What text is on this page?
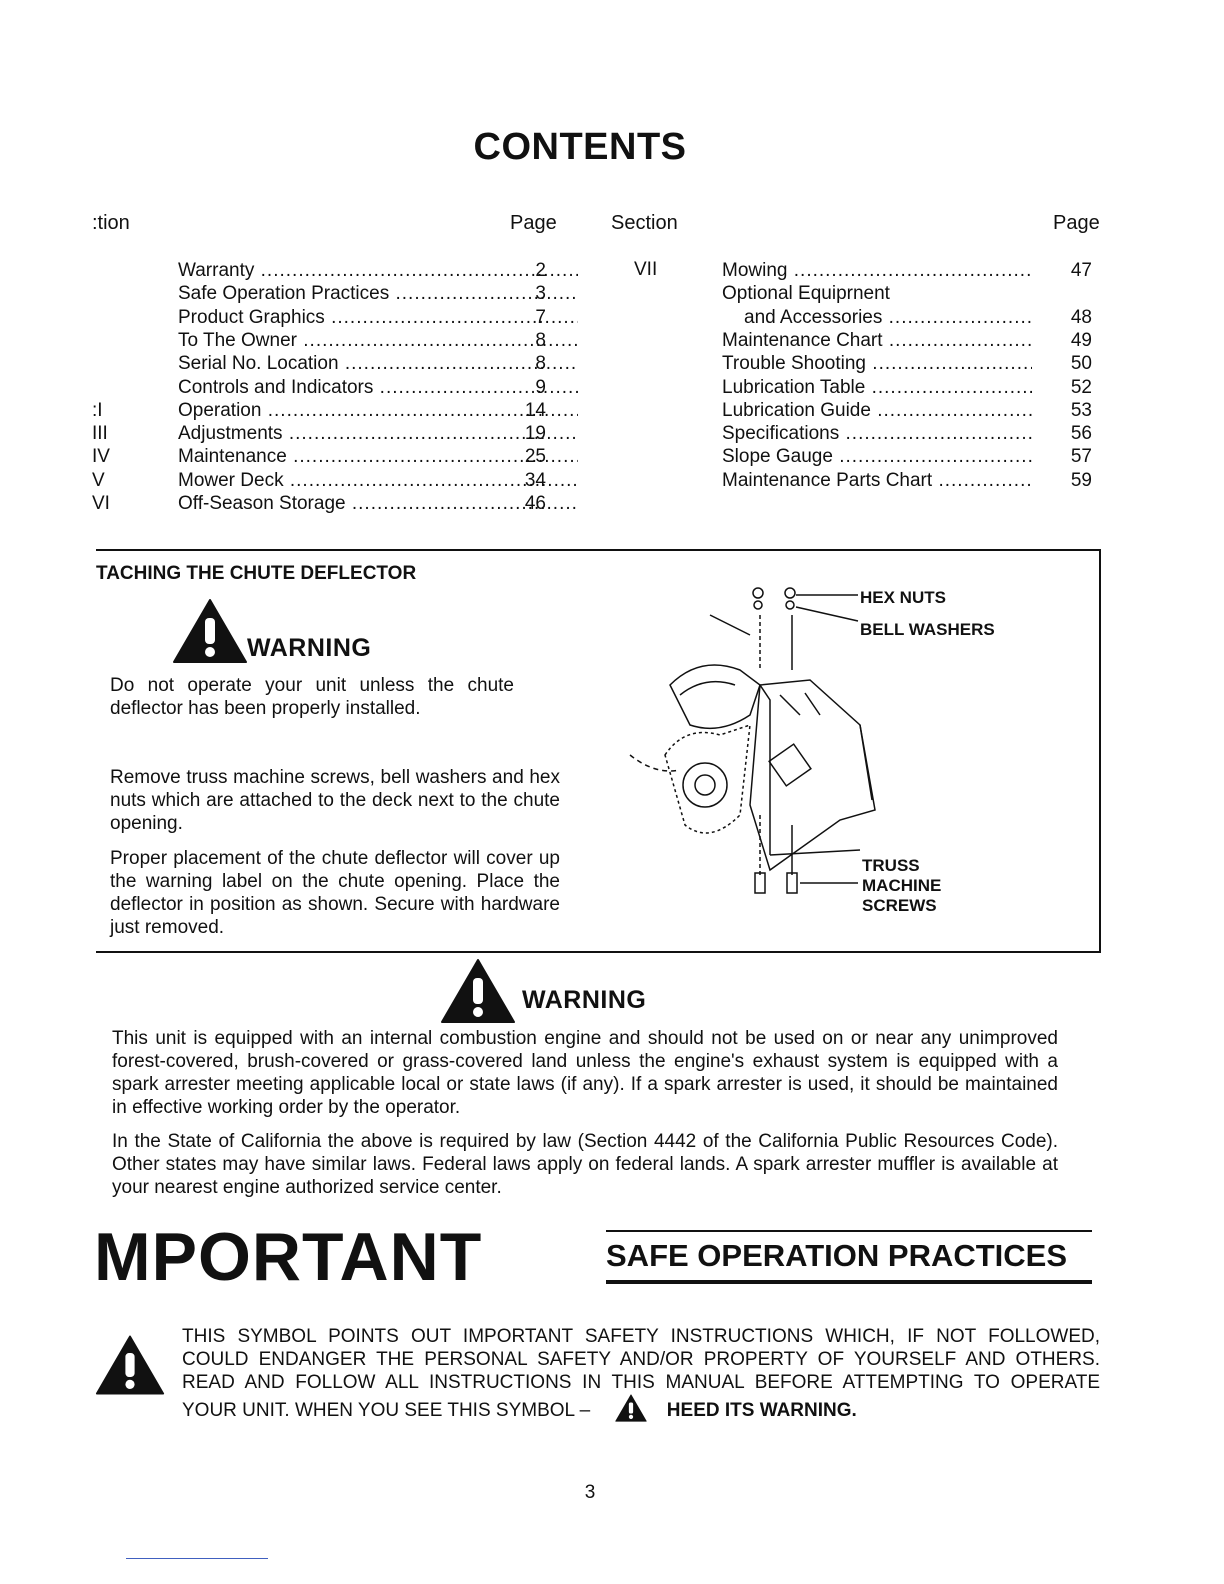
CONTENTS
:tion	Page	Section	Page
Warranty .....	2
Safe Operation Practices .....	3
Product Graphics .....	7
To The Owner .....	8
Serial No. Location .....	8
Controls and Indicators .....	9
:I	Operation .....	14
III	Adjustments .....	19
IV	Maintenance .....	25
V	Mower Deck .....	34
VI	Off-Season Storage .....	46
VII	Mowing .....	47
Optional Equiprnent
and Accessories .....	48
Maintenance Chart .....	49
Trouble Shooting .....	50
Lubrication Table .....	52
Lubrication Guide .....	53
Specifications .....	56
Slope Gauge .....	57
Maintenance Parts Chart .....	59
TACHING THE CHUTE DEFLECTOR
WARNING
Do not operate your unit unless the chute deflector has been properly installed.
Remove truss machine screws, bell washers and hex nuts which are attached to the deck next to the chute opening.
Proper placement of the chute deflector will cover up the warning label on the chute opening. Place the deflector in position as shown. Secure with hardware just removed.
HEX NUTS
BELL WASHERS
TRUSS
MACHINE
SCREWS
WARNING
This unit is equipped with an internal combustion engine and should not be used on or near any unimproved forest-covered, brush-covered or grass-covered land unless the engine's exhaust system is equipped with a spark arrester meeting applicable local or state laws (if any). If a spark arrester is used, it should be maintained in effective working order by the operator.
In the State of California the above is required by law (Section 4442 of the California Public Resources Code). Other states may have similar laws. Federal laws apply on federal lands. A spark arrester muffler is available at your nearest engine authorized service center.
MPORTANT	SAFE OPERATION PRACTICES
THIS SYMBOL POINTS OUT IMPORTANT SAFETY INSTRUCTIONS WHICH, IF NOT FOLLOWED, COULD ENDANGER THE PERSONAL SAFETY AND/OR PROPERTY OF YOURSELF AND OTHERS. READ AND FOLLOW ALL INSTRUCTIONS IN THIS MANUAL BEFORE ATTEMPTING TO OPERATE YOUR UNIT. WHEN YOU SEE THIS SYMBOL –	HEED ITS WARNING.
3
